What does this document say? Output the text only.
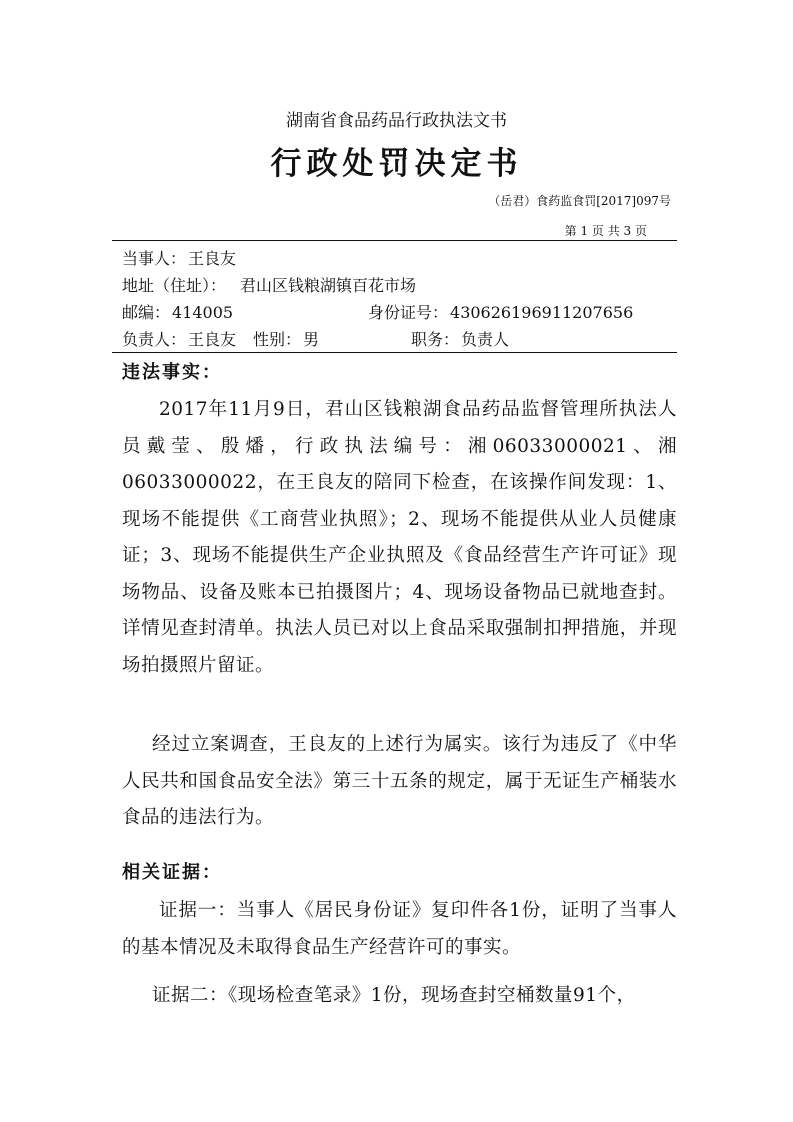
湖南省食品药品行政执法文书
行政处罚决定书
（岳君）食药监食罚[2017]097号
第 1 页 共 3 页
当事人： 王良友
地址（住址）： 君山区钱粮湖镇百花市场
邮编： 414005	身份证号： 430626196911207656
负责人： 王良友 性别： 男	职务： 负责人
违法事实：

2017年11月9日，君山区钱粮湖食品药品监督管理所执法人员戴莹、殷燔，行政执法编号：湘06033000021、湘06033000022，在王良友的陪同下检查，在该操作间发现：1、现场不能提供《工商营业执照》；2、现场不能提供从业人员健康证；3、现场不能提供生产企业执照及《食品经营生产许可证》现场物品、设备及账本已拍摄图片；4、现场设备物品已就地查封。详情见查封清单。执法人员已对以上食品采取强制扣押措施，并现场拍摄照片留证。

经过立案调查，王良友的上述行为属实。该行为违反了《中华人民共和国食品安全法》第三十五条的规定，属于无证生产桶装水食品的违法行为。

相关证据：

证据一：当事人《居民身份证》复印件各1份，证明了当事人的基本情况及未取得食品生产经营许可的事实。

证据二：《现场检查笔录》1份，现场查封空桶数量91个，
